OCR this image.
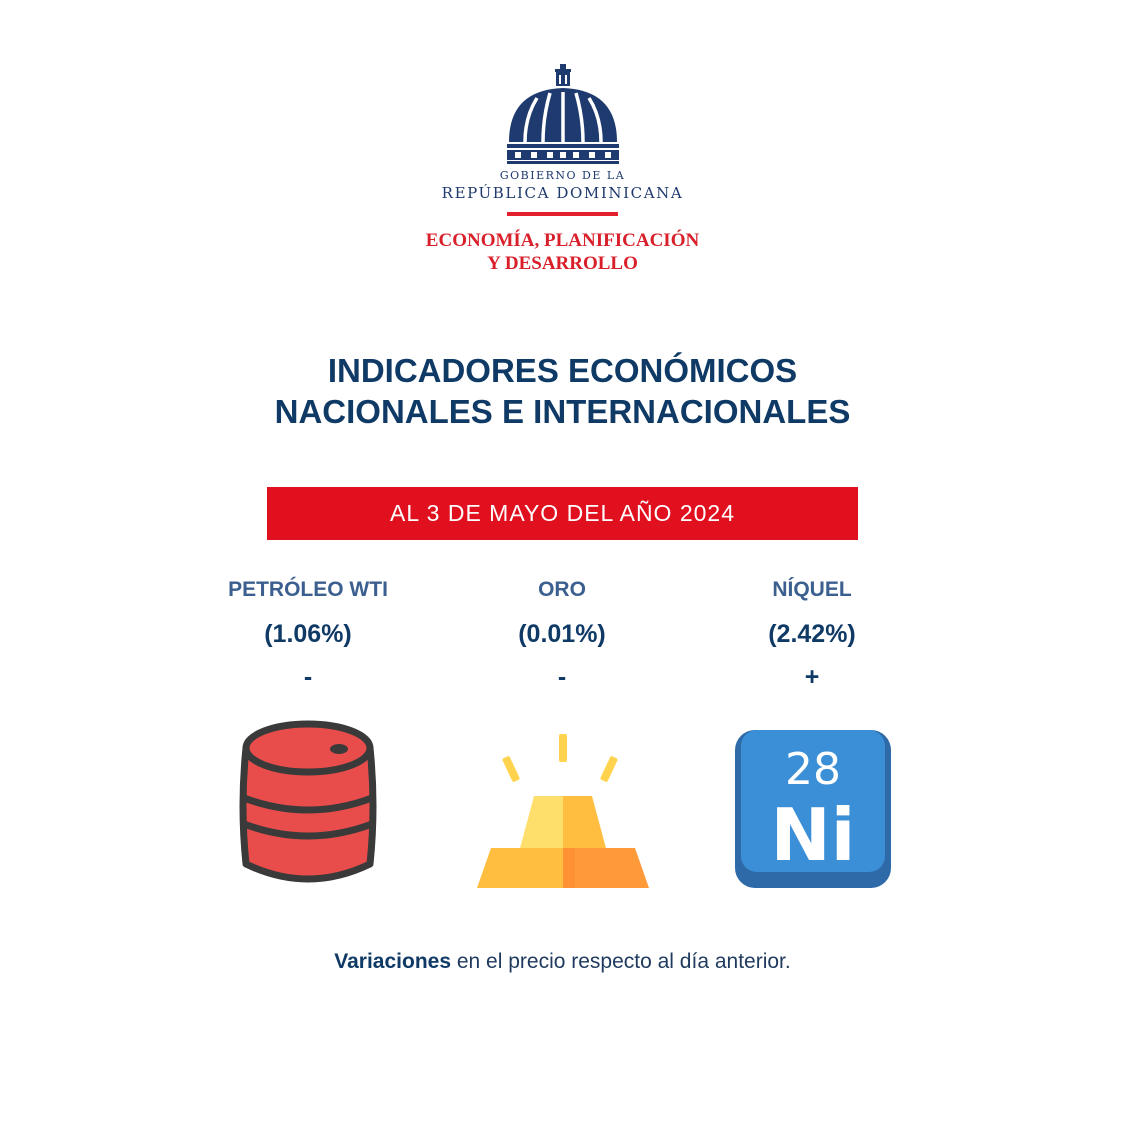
GOBIERNO DE LA
REPÚBLICA DOMINICANA
ECONOMÍA, PLANIFICACIÓN
Y DESARROLLO
INDICADORES ECONÓMICOS
NACIONALES E INTERNACIONALES
AL 3 DE MAYO DEL AÑO 2024
PETRÓLEO WTI
(1.06%)
-
ORO
(0.01%)
-
NÍQUEL
(2.42%)
+
28
Ni
Variaciones en el precio respecto al día anterior.
